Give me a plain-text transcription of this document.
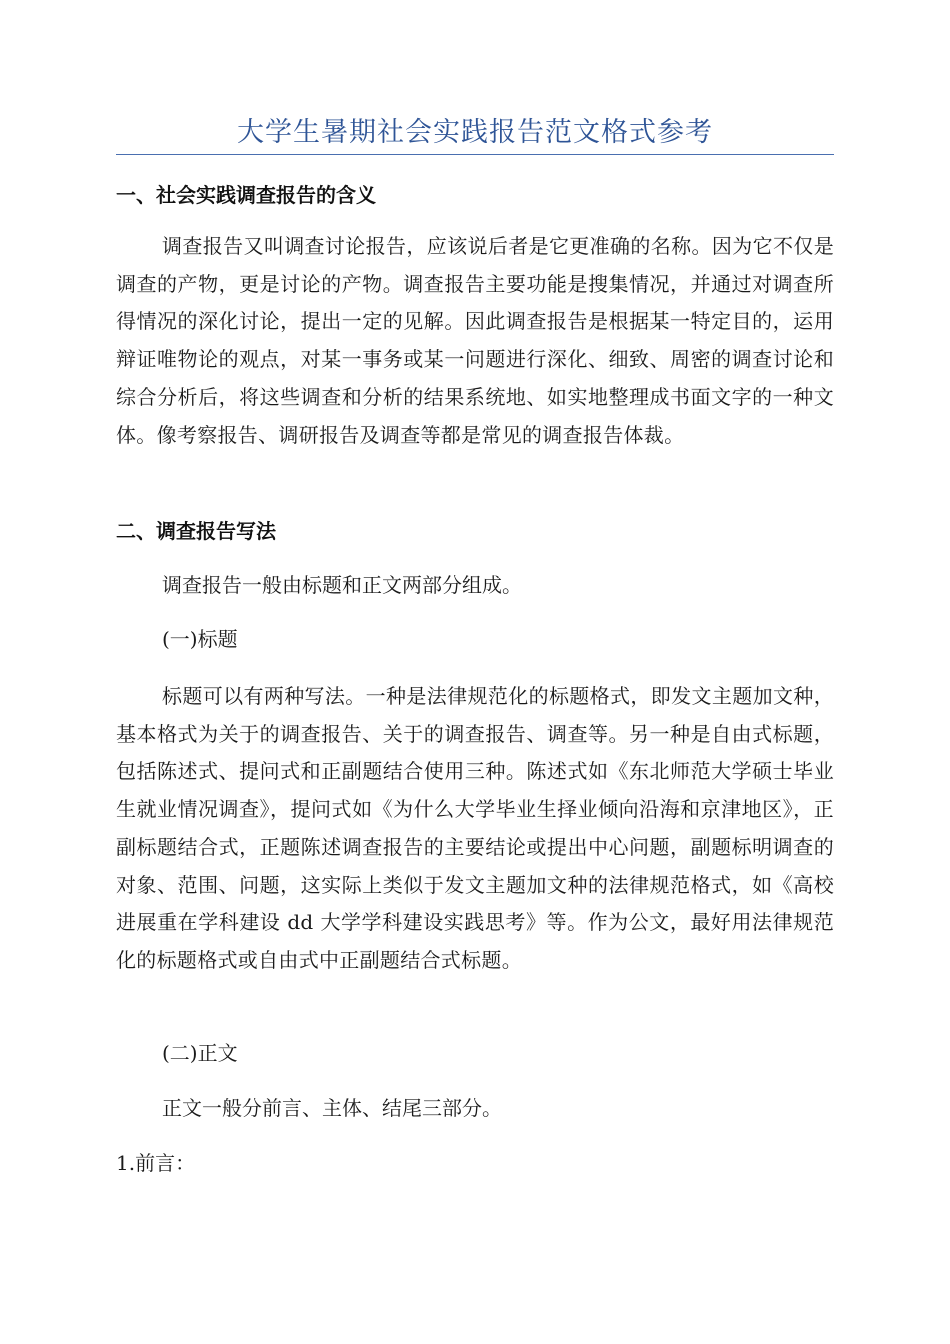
大学生暑期社会实践报告范文格式参考
一、社会实践调查报告的含义

调查报告又叫调查讨论报告，应该说后者是它更准确的名称。因为它不仅是调查的产物，更是讨论的产物。调查报告主要功能是搜集情况，并通过对调查所得情况的深化讨论，提出一定的见解。因此调查报告是根据某一特定目的，运用辩证唯物论的观点，对某一事务或某一问题进行深化、细致、周密的调查讨论和综合分析后，将这些调查和分析的结果系统地、如实地整理成书面文字的一种文体。像考察报告、调研报告及调查等都是常见的调查报告体裁。

二、调查报告写法

调查报告一般由标题和正文两部分组成。

(一)标题

标题可以有两种写法。一种是法律规范化的标题格式，即发文主题加文种，基本格式为关于的调查报告、关于的调查报告、调查等。另一种是自由式标题，包括陈述式、提问式和正副题结合使用三种。陈述式如《东北师范大学硕士毕业生就业情况调查》，提问式如《为什么大学毕业生择业倾向沿海和京津地区》，正副标题结合式，正题陈述调查报告的主要结论或提出中心问题，副题标明调查的对象、范围、问题，这实际上类似于发文主题加文种的法律规范格式，如《高校进展重在学科建设 dd 大学学科建设实践思考》等。作为公文，最好用法律规范化的标题格式或自由式中正副题结合式标题。

(二)正文

正文一般分前言、主体、结尾三部分。

1.前言：
